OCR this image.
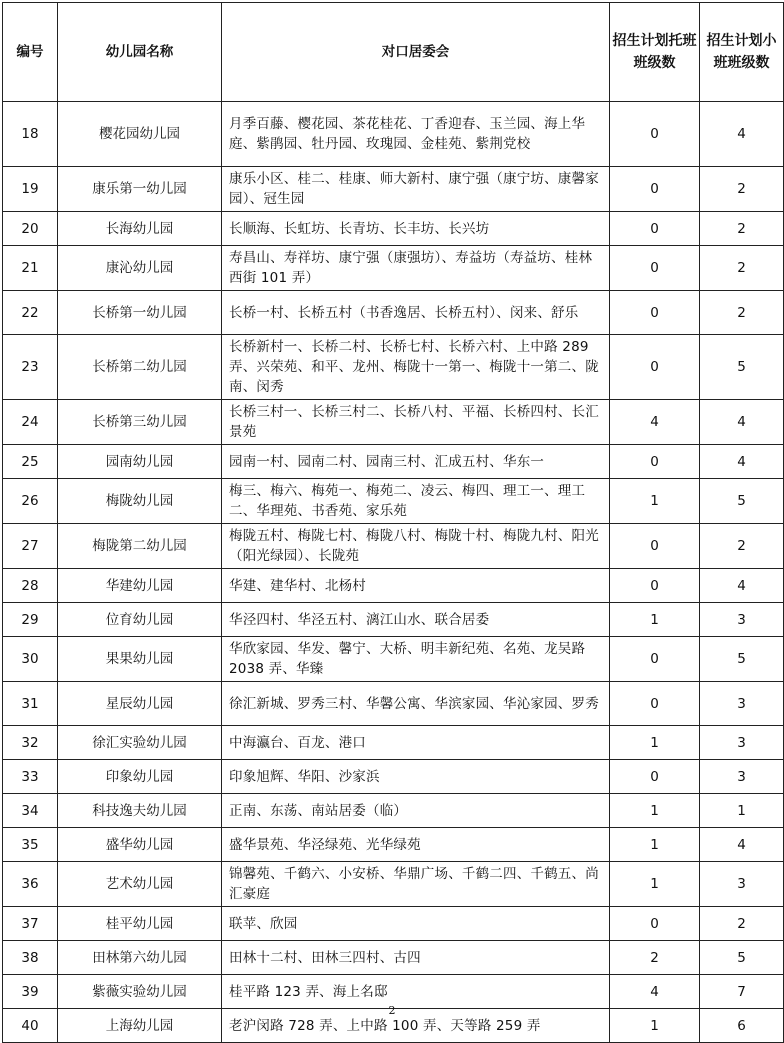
编号	幼儿园名称	对口居委会	招生计划托班班级数	招生计划小班班级数
18	樱花园幼儿园	月季百藤、樱花园、茶花桂花、丁香迎春、玉兰园、海上华庭、紫鹃园、牡丹园、玫瑰园、金桂苑、紫荆党校	0	4
19	康乐第一幼儿园	康乐小区、桂二、桂康、师大新村、康宁强（康宁坊、康馨家园）、冠生园	0	2
20	长海幼儿园	长顺海、长虹坊、长青坊、长丰坊、长兴坊	0	2
21	康沁幼儿园	寿昌山、寿祥坊、康宁强（康强坊）、寿益坊（寿益坊、桂林西街 101 弄）	0	2
22	长桥第一幼儿园	长桥一村、长桥五村（书香逸居、长桥五村）、闵来、舒乐	0	2
23	长桥第二幼儿园	长桥新村一、长桥二村、长桥七村、长桥六村、上中路 289 弄、兴荣苑、和平、龙州、梅陇十一第一、梅陇十一第二、陇南、闵秀	0	5
24	长桥第三幼儿园	长桥三村一、长桥三村二、长桥八村、平福、长桥四村、长汇景苑	4	4
25	园南幼儿园	园南一村、园南二村、园南三村、汇成五村、华东一	0	4
26	梅陇幼儿园	梅三、梅六、梅苑一、梅苑二、凌云、梅四、理工一、理工二、华理苑、书香苑、家乐苑	1	5
27	梅陇第二幼儿园	梅陇五村、梅陇七村、梅陇八村、梅陇十村、梅陇九村、阳光（阳光绿园）、长陇苑	0	2
28	华建幼儿园	华建、建华村、北杨村	0	4
29	位育幼儿园	华泾四村、华泾五村、漓江山水、联合居委	1	3
30	果果幼儿园	华欣家园、华发、馨宁、大桥、明丰新纪苑、名苑、龙吴路 2038 弄、华臻	0	5
31	星辰幼儿园	徐汇新城、罗秀三村、华馨公寓、华滨家园、华沁家园、罗秀	0	3
32	徐汇实验幼儿园	中海瀛台、百龙、港口	1	3
33	印象幼儿园	印象旭辉、华阳、沙家浜	0	3
34	科技逸夫幼儿园	正南、东荡、南站居委（临）	1	1
35	盛华幼儿园	盛华景苑、华泾绿苑、光华绿苑	1	4
36	艺术幼儿园	锦馨苑、千鹤六、小安桥、华鼎广场、千鹤二四、千鹤五、尚汇豪庭	1	3
37	桂平幼儿园	联苹、欣园	0	2
38	田林第六幼儿园	田林十二村、田林三四村、古四	2	5
39	紫薇实验幼儿园	桂平路 123 弄、海上名邸	4	7
40	上海幼儿园	老沪闵路 728 弄、上中路 100 弄、天等路 259 弄	1	6
2
